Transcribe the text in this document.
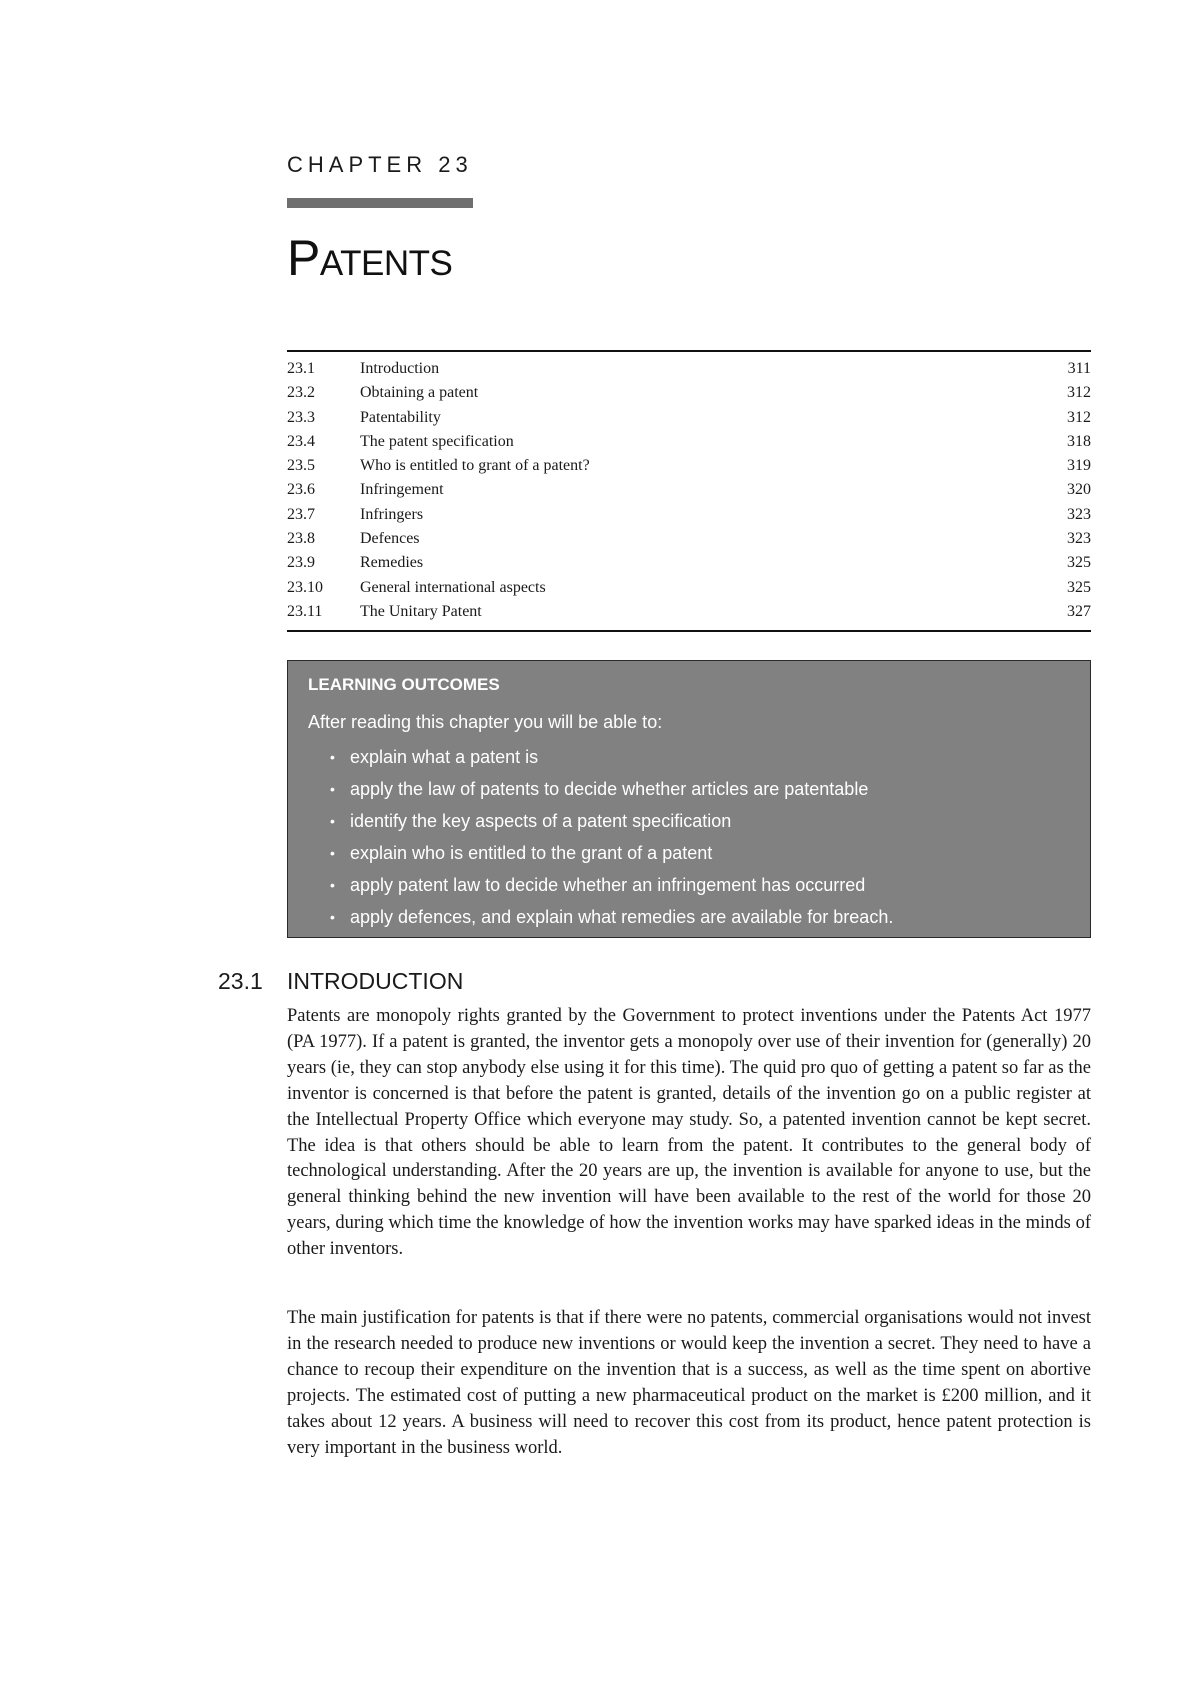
CHAPTER 23
Patents
23.1	Introduction	311
23.2	Obtaining a patent	312
23.3	Patentability	312
23.4	The patent specification	318
23.5	Who is entitled to grant of a patent?	319
23.6	Infringement	320
23.7	Infringers	323
23.8	Defences	323
23.9	Remedies	325
23.10	General international aspects	325
23.11	The Unitary Patent	327
LEARNING OUTCOMES
After reading this chapter you will be able to:
• explain what a patent is
• apply the law of patents to decide whether articles are patentable
• identify the key aspects of a patent specification
• explain who is entitled to the grant of a patent
• apply patent law to decide whether an infringement has occurred
• apply defences, and explain what remedies are available for breach.
23.1 INTRODUCTION

Patents are monopoly rights granted by the Government to protect inventions under the Patents Act 1977 (PA 1977). If a patent is granted, the inventor gets a monopoly over use of their invention for (generally) 20 years (ie, they can stop anybody else using it for this time). The quid pro quo of getting a patent so far as the inventor is concerned is that before the patent is granted, details of the invention go on a public register at the Intellectual Property Office which everyone may study. So, a patented invention cannot be kept secret. The idea is that others should be able to learn from the patent. It contributes to the general body of technological understanding. After the 20 years are up, the invention is available for anyone to use, but the general thinking behind the new invention will have been available to the rest of the world for those 20 years, during which time the knowledge of how the invention works may have sparked ideas in the minds of other inventors.

The main justification for patents is that if there were no patents, commercial organisations would not invest in the research needed to produce new inventions or would keep the invention a secret. They need to have a chance to recoup their expenditure on the invention that is a success, as well as the time spent on abortive projects. The estimated cost of putting a new pharmaceutical product on the market is £200 million, and it takes about 12 years. A business will need to recover this cost from its product, hence patent protection is very important in the business world.
